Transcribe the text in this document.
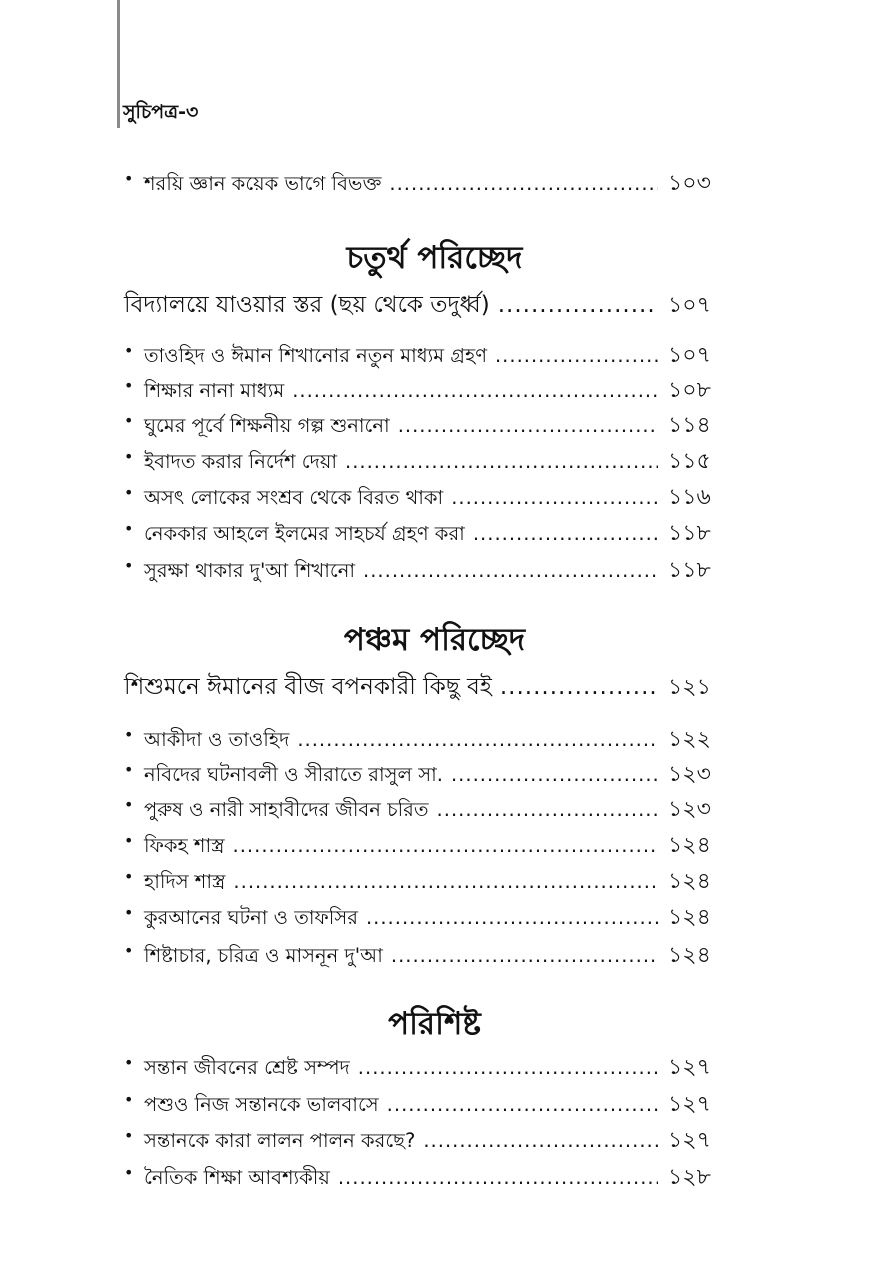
সুচিপত্র-৩
• শরয়ি জ্ঞান কয়েক ভাগে বিভক্ত .....	১০৩

চতুর্থ পরিচ্ছেদ

বিদ্যালয়ে যাওয়ার স্তর (ছয় থেকে তদুর্ধ্ব) .....	১০৭
• তাওহিদ ও ঈমান শিখানোর নতুন মাধ্যম গ্রহণ .....	১০৭
• শিক্ষার নানা মাধ্যম .....	১০৮
• ঘুমের পূর্বে শিক্ষনীয় গল্প শুনানো .....	১১৪
• ইবাদত করার নির্দেশ দেয়া .....	১১৫
• অসৎ লোকের সংশ্রব থেকে বিরত থাকা .....	১১৬
• নেককার আহলে ইলমের সাহচর্য গ্রহণ করা .....	১১৮
• সুরক্ষা থাকার দু'আ শিখানো .....	১১৮

পঞ্চম পরিচ্ছেদ

শিশুমনে ঈমানের বীজ বপনকারী কিছু বই .....	১২১
• আকীদা ও তাওহিদ .....	১২২
• নবিদের ঘটনাবলী ও সীরাতে রাসুল সা. .....	১২৩
• পুরুষ ও নারী সাহাবীদের জীবন চরিত .....	১২৩
• ফিকহ শাস্ত্র .....	১২৪
• হাদিস শাস্ত্র .....	১২৪
• কুরআনের ঘটনা ও তাফসির .....	১২৪
• শিষ্টাচার, চরিত্র ও মাসনূন দু'আ .....	১২৪

পরিশিষ্ট

• সন্তান জীবনের শ্রেষ্ট সম্পদ .....	১২৭
• পশুও নিজ সন্তানকে ভালবাসে .....	১২৭
• সন্তানকে কারা লালন পালন করছে? .....	১২৭
• নৈতিক শিক্ষা আবশ্যকীয় .....	১২৮
